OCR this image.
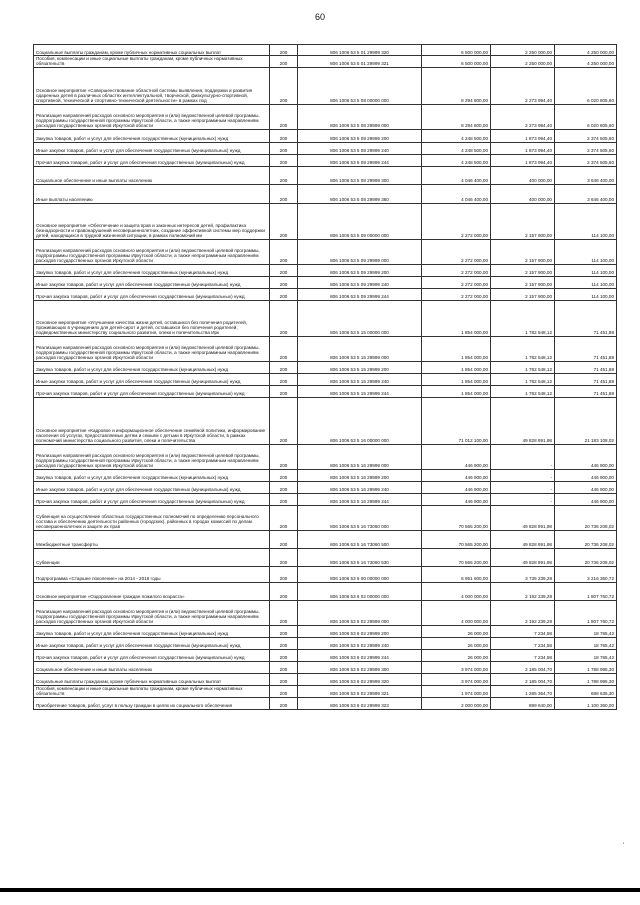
60
Социальные выплаты гражданам, кроме публичных нормативных социальных выплат	200	806 1006 53 5 01 29999 320	6 500 000,00	2 250 000,00	4 250 000,00
Пособия, компенсации и иные социальные выплаты гражданам, кроме публичных нормативных обязательств	200	806 1006 53 5 01 29999 321	6 500 000,00	2 250 000,00	4 250 000,00
Основное мероприятие «Совершенствование областной системы выявления, поддержки и развития одаренных детей в различных областях интеллектуальной, творческой, физкультурно-спортивной, спортивной, технической и спортивно-технической деятельности» в рамках под	200	806 1006 53 5 08 00000 000	8 294 800,00	2 273 994,40	6 020 805,60
Реализация направлений расходов основного мероприятия и (или) ведомственной целевой программы, подпрограммы государственной программы Иркутской области, а также непрограммным направлениям расходов государственных органов Иркутской области	200	806 1006 53 5 08 29999 000	8 294 800,00	2 273 994,40	6 020 805,60
Закупка товаров, работ и услуг для обеспечения государственных (муниципальных) нужд	200	806 1006 53 5 08 29999 200	4 248 500,00	1 873 994,40	2 374 505,60
Иные закупки товаров, работ и услуг для обеспечения государственных (муниципальных) нужд	200	806 1006 53 5 08 29999 240	4 248 500,00	1 873 994,40	2 374 505,60
Прочая закупка товаров, работ и услуг для обеспечения государственных (муниципальных) нужд	200	806 1006 53 5 08 29999 244	4 248 500,00	1 873 994,40	2 374 505,60
Социальное обеспечение и иные выплаты населению	200	806 1006 53 5 08 29999 300	4 046 400,00	400 000,00	3 646 400,00
Иные выплаты населению	200	806 1006 53 5 08 29999 360	4 046 400,00	400 000,00	3 646 400,00
Основное мероприятие «Обеспечение и защита прав и законных интересов детей, профилактика безнадзорности и правонарушений несовершеннолетних, создание эффективной системы мер поддержки детей, находящихся в трудной жизненной ситуации, в рамках полномочий ми	200	806 1006 53 5 09 00000 000	2 272 000,00	2 157 900,00	114 100,00
Реализация направлений расходов основного мероприятия и (или) ведомственной целевой программы, подпрограммы государственной программы Иркутской области, а также непрограммным направлениям расходов государственных органов Иркутской области	200	806 1006 53 5 09 29999 000	2 272 000,00	2 157 900,00	114 100,00
Закупка товаров, работ и услуг для обеспечения государственных (муниципальных) нужд	200	806 1006 53 5 09 29999 200	2 272 000,00	2 157 900,00	114 100,00
Иные закупки товаров, работ и услуг для обеспечения государственных (муниципальных) нужд	200	806 1006 53 5 09 29999 240	2 272 000,00	2 157 900,00	114 100,00
Прочая закупка товаров, работ и услуг для обеспечения государственных (муниципальных) нужд	200	806 1006 53 5 09 29999 244	2 272 000,00	2 157 900,00	114 100,00
Основное мероприятие «Улучшение качества жизни детей, оставшихся без попечения родителей, проживающих в учреждениях для детей-сирот и детей, оставшихся без попечения родителей, подведомственных министерству социального развития, опеки и попечительства Ирк	200	806 1006 53 5 15 00000 000	1 854 000,00	1 782 548,12	71 451,88
Реализация направлений расходов основного мероприятия и (или) ведомственной целевой программы, подпрограммы государственной программы Иркутской области, а также непрограммным направлениям расходов государственных органов Иркутской области	200	806 1006 53 5 15 29999 000	1 854 000,00	1 782 548,12	71 451,88
Закупка товаров, работ и услуг для обеспечения государственных (муниципальных) нужд	200	806 1006 53 5 15 29999 200	1 854 000,00	1 782 548,12	71 451,88
Иные закупки товаров, работ и услуг для обеспечения государственных (муниципальных) нужд	200	806 1006 53 5 15 29999 240	1 854 000,00	1 782 548,12	71 451,88
Прочая закупка товаров, работ и услуг для обеспечения государственных (муниципальных) нужд	200	806 1006 53 5 15 29999 244	1 854 000,00	1 782 548,12	71 451,88
Основное мероприятие «Кадровое и информационное обеспечение семейной политики, информирование населения об услугах, предоставляемых детям и семьям с детьми в Иркутской области, в рамках полномочий министерства социального развития, опеки и попечительства	200	806 1006 53 5 16 00000 000	71 012 100,00	49 828 991,98	21 183 108,02
Реализация направлений расходов основного мероприятия и (или) ведомственной целевой программы, подпрограммы государственной программы Иркутской области, а также непрограммным направлениям расходов государственных органов Иркутской области	200	806 1006 53 5 16 29999 000	446 900,00	-	446 900,00
Закупка товаров, работ и услуг для обеспечения государственных (муниципальных) нужд	200	806 1006 53 5 16 29999 200	446 900,00	-	446 900,00
Иные закупки товаров, работ и услуг для обеспечения государственных (муниципальных) нужд	200	806 1006 53 5 16 29999 240	446 900,00	-	446 900,00
Прочая закупка товаров, работ и услуг для обеспечения государственных (муниципальных) нужд	200	806 1006 53 5 16 29999 244	446 900,00	-	446 900,00
Субвенция на осуществление областных государственных полномочий по определению персонального состава и обеспечению деятельности районных (городских), районных в городах комиссий по делам несовершеннолетних и защите их прав	200	806 1006 53 5 16 73060 000	70 565 200,00	49 828 991,98	20 736 208,02
Межбюджетные трансферты	200	806 1006 53 5 16 73060 500	70 565 200,00	49 828 991,98	20 736 208,02
Субвенции	200	806 1006 53 5 16 73060 530	70 565 200,00	49 828 991,98	20 736 208,02
Подпрограмма «Старшее поколение» на 2014 - 2018 годы	200	806 1006 53 6 00 00000 000	6 951 600,00	3 735 239,28	3 216 360,72
Основное мероприятие «Оздоровление граждан пожилого возраста»	200	806 1006 53 6 02 00000 000	4 000 000,00	2 192 239,28	1 807 760,72
Реализация направлений расходов основного мероприятия и (или) ведомственной целевой программы, подпрограммы государственной программы Иркутской области, а также непрограммным направлениям расходов государственных органов Иркутской области	200	806 1006 53 6 02 29999 000	4 000 000,00	2 192 239,28	1 807 760,72
Закупка товаров, работ и услуг для обеспечения государственных (муниципальных) нужд	200	806 1006 53 6 02 29999 200	26 000,00	7 234,58	18 765,42
Иные закупки товаров, работ и услуг для обеспечения государственных (муниципальных) нужд	200	806 1006 53 6 02 29999 240	26 000,00	7 234,58	18 765,42
Прочая закупка товаров, работ и услуг для обеспечения государственных (муниципальных) нужд	200	806 1006 53 6 02 29999 244	26 000,00	7 234,58	18 765,42
Социальное обеспечение и иные выплаты населению	200	806 1006 53 6 02 29999 300	3 974 000,00	2 185 004,70	1 788 995,30
Социальные выплаты гражданам, кроме публичных нормативных социальных выплат	200	806 1006 53 6 02 29999 320	3 974 000,00	2 185 004,70	1 788 995,30
Пособия, компенсации и иные социальные выплаты гражданам, кроме публичных нормативных обязательств	200	806 1006 53 6 02 29999 321	1 974 000,00	1 285 364,70	688 635,30
Приобретение товаров, работ, услуг в пользу граждан в целях их социального обеспечения	200	806 1006 53 6 02 29999 323	2 000 000,00	899 640,00	1 100 360,00
'
